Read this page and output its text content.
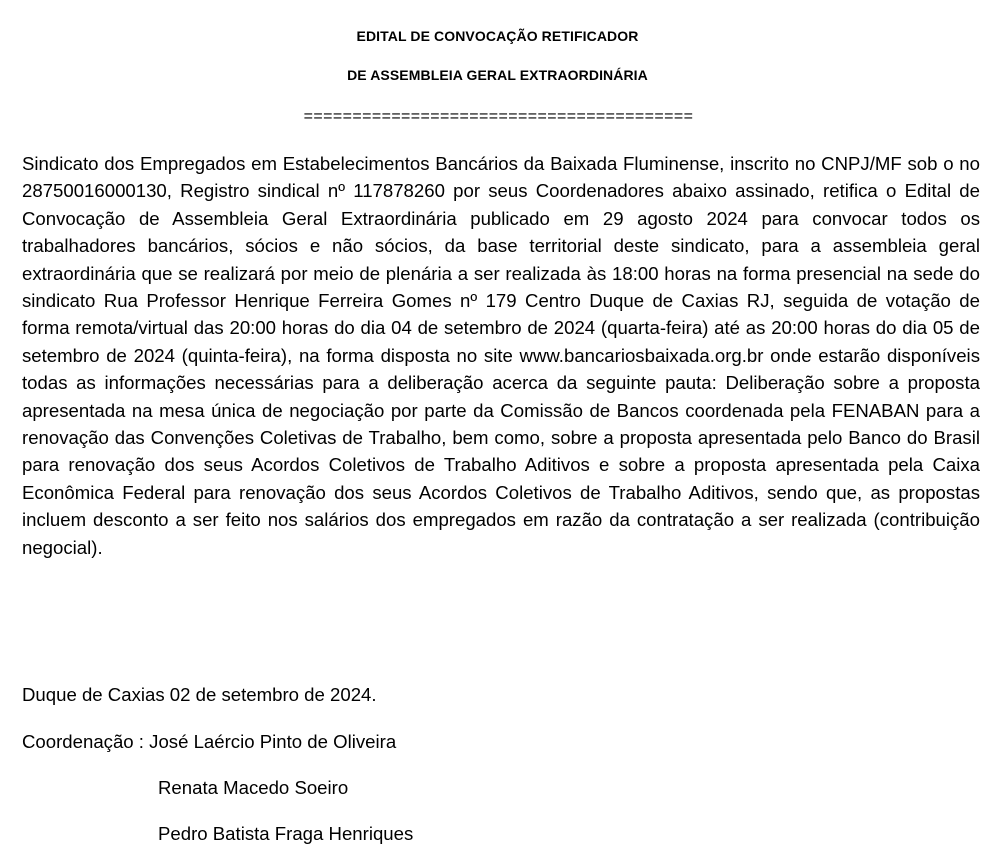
EDITAL DE CONVOCAÇÃO RETIFICADOR
DE ASSEMBLEIA GERAL EXTRAORDINÁRIA
========================================
Sindicato dos Empregados em Estabelecimentos Bancários da Baixada Fluminense, inscrito no CNPJ/MF sob o no 28750016000130, Registro sindical nº 117878260 por seus Coordenadores abaixo assinado, retifica o Edital de Convocação de Assembleia Geral Extraordinária publicado em 29 agosto 2024 para convocar todos os trabalhadores bancários, sócios e não sócios, da base territorial deste sindicato, para a assembleia geral extraordinária que se realizará por meio de plenária a ser realizada às 18:00 horas na forma presencial na sede do sindicato Rua Professor Henrique Ferreira Gomes nº 179 Centro Duque de Caxias RJ, seguida de votação de forma remota/virtual das 20:00 horas do dia 04 de setembro de 2024 (quarta-feira) até as 20:00 horas do dia 05 de setembro de 2024 (quinta-feira), na forma disposta no site www.bancariosbaixada.org.br onde estarão disponíveis todas as informações necessárias para a deliberação acerca da seguinte pauta: Deliberação sobre a proposta apresentada na mesa única de negociação por parte da Comissão de Bancos coordenada pela FENABAN para a renovação das Convenções Coletivas de Trabalho, bem como, sobre a proposta apresentada pelo Banco do Brasil para renovação dos seus Acordos Coletivos de Trabalho Aditivos e sobre a proposta apresentada pela Caixa Econômica Federal para renovação dos seus Acordos Coletivos de Trabalho Aditivos, sendo que, as propostas incluem desconto a ser feito nos salários dos empregados em razão da contratação a ser realizada (contribuição negocial).
Duque de Caxias 02 de setembro de 2024.
Coordenação : José Laércio Pinto de Oliveira
Renata Macedo Soeiro
Pedro Batista Fraga Henriques
